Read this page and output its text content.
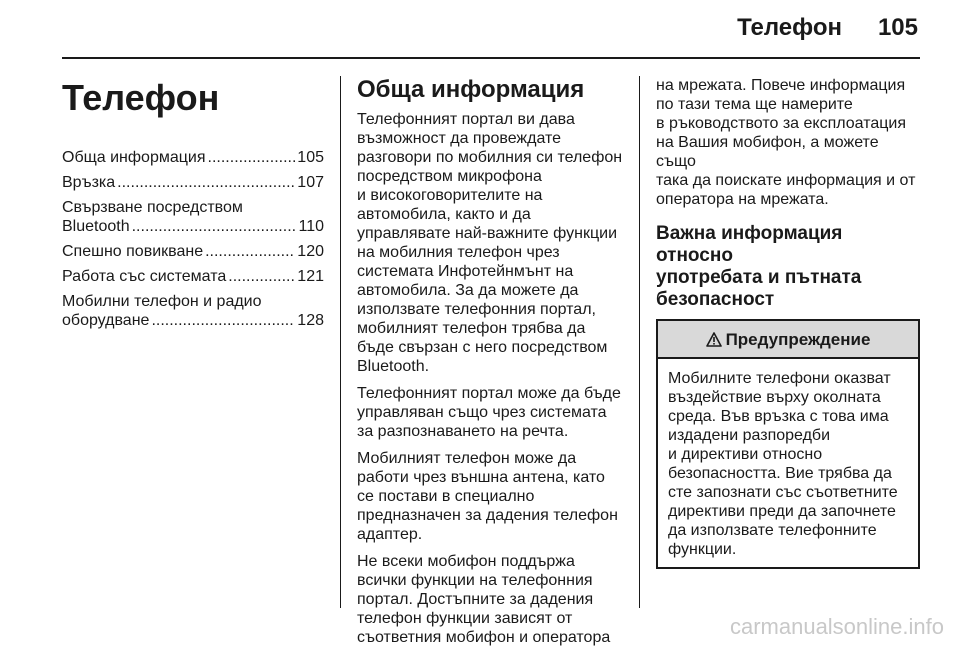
Телефон 105
Телефон
Обща информация .....	105
Връзка .....	107
Свързване посредством
Bluetooth .....	110
Спешно повикване .....	120
Работа със системата .....	121
Мобилни телефон и радио
оборудване .....	128
Обща информация
Телефонният портал ви дава
възможност да провеждате
разговори по мобилния си телефон
посредством микрофона
и високоговорителите на
автомобила, както и да
управлявате най-важните функции
на мобилния телефон чрез
системата Инфотейнмънт на
автомобила. За да можете да
използвате телефонния портал,
мобилният телефон трябва да
бъде свързан с него посредством
Bluetooth.
Телефонният портал може да бъде
управляван също чрез системата
за разпознаването на речта.
Мобилният телефон може да
работи чрез външна антена, като
се постави в специално
предназначен за дадения телефон
адаптер.
Не всеки мобифон поддържа
всички функции на телефонния
портал. Достъпните за дадения
телефон функции зависят от
съответния мобифон и оператора
на мрежата. Повече информация
по тази тема ще намерите
в ръководството за експлоатация
на Вашия мобифон, а можете също
така да поискате информация и от
оператора на мрежата.
Важна информация относно
употребата и пътната
безопасност
Предупреждение
Мобилните телефони оказват
въздействие върху околната
среда. Във връзка с това има
издадени разпоредби
и директиви относно
безопасността. Вие трябва да
сте запознати със съответните
директиви преди да започнете
да използвате телефонните
функции.
carmanualsonline.info
